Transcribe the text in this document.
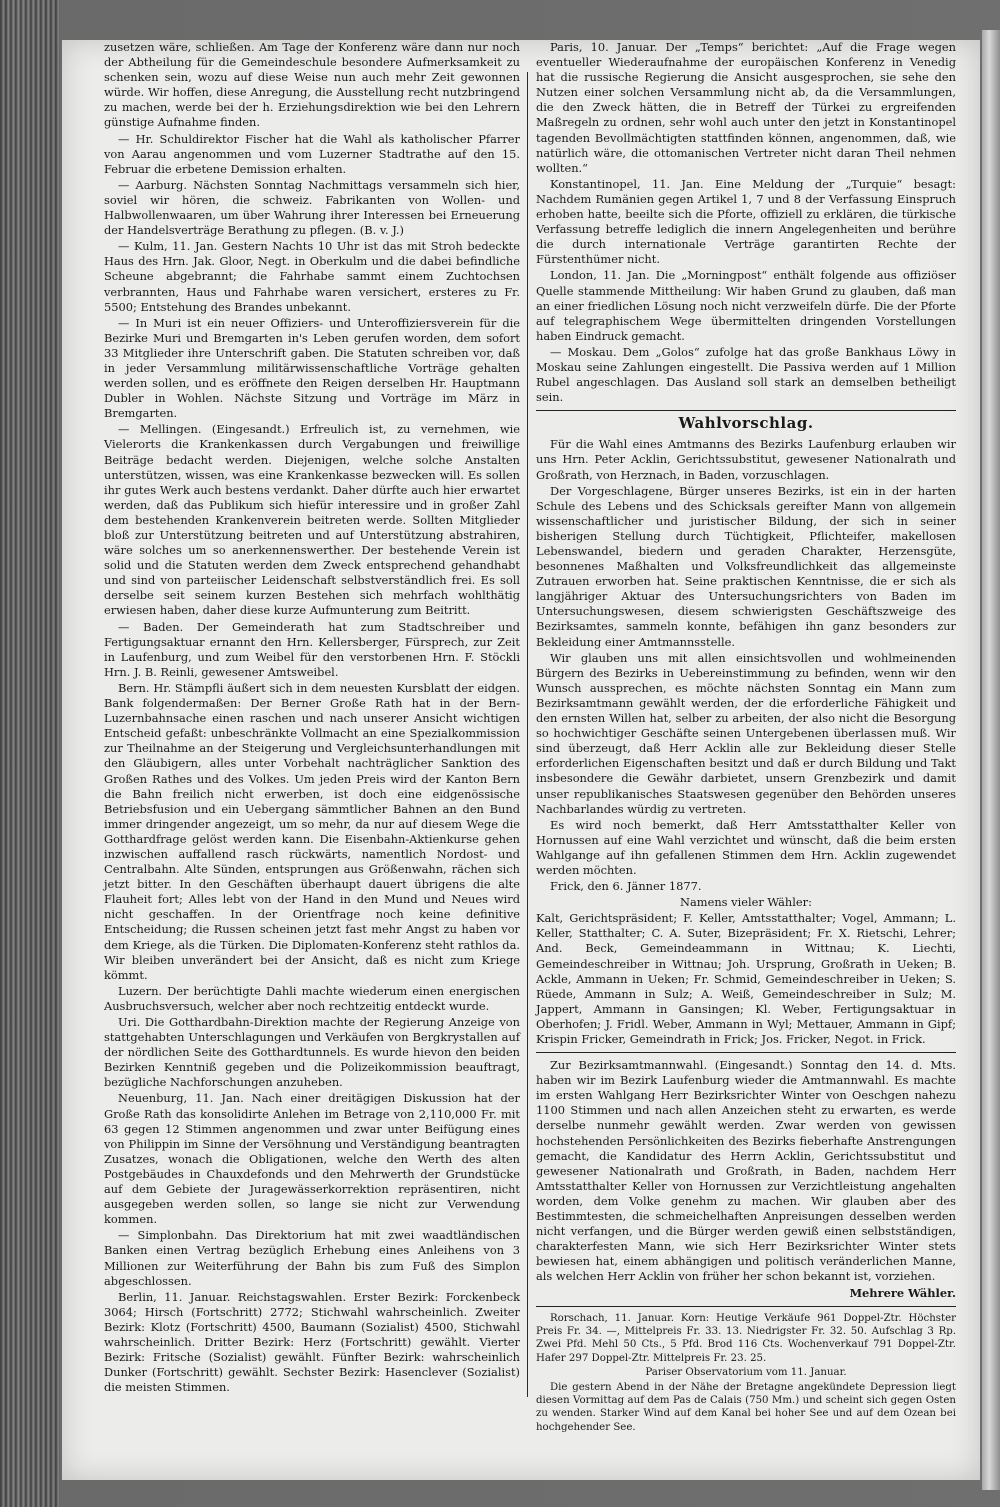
zusetzen wäre, schließen. Am Tage der Konferenz wäre dann nur noch der Abtheilung für die Gemeindeschule besondere Aufmerksamkeit zu schenken sein, wozu auf diese Weise nun auch mehr Zeit gewonnen würde. Wir hoffen, diese Anregung, die Ausstellung recht nutzbringend zu machen, werde bei der h. Erziehungsdirektion wie bei den Lehrern günstige Aufnahme finden.

— Hr. Schuldirektor Fischer hat die Wahl als katholischer Pfarrer von Aarau angenommen und vom Luzerner Stadtrathe auf den 15. Februar die erbetene Demission erhalten.

— Aarburg. Nächsten Sonntag Nachmittags versammeln sich hier, soviel wir hören, die schweiz. Fabrikanten von Wollen- und Halbwollenwaaren, um über Wahrung ihrer Interessen bei Erneuerung der Handelsverträge Berathung zu pflegen. (B. v. J.)

— Kulm, 11. Jan. Gestern Nachts 10 Uhr ist das mit Stroh bedeckte Haus des Hrn. Jak. Gloor, Negt. in Oberkulm und die dabei befindliche Scheune abgebrannt; die Fahrhabe sammt einem Zuchtochsen verbrannten, Haus und Fahrhabe waren versichert, ersteres zu Fr. 5500; Entstehung des Brandes unbekannt.

— In Muri ist ein neuer Offiziers- und Unteroffiziersverein für die Bezirke Muri und Bremgarten in's Leben gerufen worden, dem sofort 33 Mitglieder ihre Unterschrift gaben. Die Statuten schreiben vor, daß in jeder Versammlung militärwissenschaftliche Vorträge gehalten werden sollen, und es eröffnete den Reigen derselben Hr. Hauptmann Dubler in Wohlen. Nächste Sitzung und Vorträge im März in Bremgarten.

— Mellingen. (Eingesandt.) Erfreulich ist, zu vernehmen, wie Vielerorts die Krankenkassen durch Vergabungen und freiwillige Beiträge bedacht werden. Diejenigen, welche solche Anstalten unterstützen, wissen, was eine Krankenkasse bezwecken will. Es sollen ihr gutes Werk auch bestens verdankt. Daher dürfte auch hier erwartet werden, daß das Publikum sich hiefür interessire und in großer Zahl dem bestehenden Krankenverein beitreten werde. Sollten Mitglieder bloß zur Unterstützung beitreten und auf Unterstützung abstrahiren, wäre solches um so anerkennenswerther. Der bestehende Verein ist solid und die Statuten werden dem Zweck entsprechend gehandhabt und sind von parteiischer Leidenschaft selbstverständlich frei. Es soll derselbe seit seinem kurzen Bestehen sich mehrfach wohlthätig erwiesen haben, daher diese kurze Aufmunterung zum Beitritt.

— Baden. Der Gemeinderath hat zum Stadtschreiber und Fertigungsaktuar ernannt den Hrn. Kellersberger, Fürsprech, zur Zeit in Laufenburg, und zum Weibel für den verstorbenen Hrn. F. Stöckli Hrn. J. B. Reinli, gewesener Amtsweibel.

Bern. Hr. Stämpfli äußert sich in dem neuesten Kursblatt der eidgen. Bank folgendermaßen: Der Berner Große Rath hat in der Bern-Luzernbahnsache einen raschen und nach unserer Ansicht wichtigen Entscheid gefaßt: unbeschränkte Vollmacht an eine Spezialkommission zur Theilnahme an der Steigerung und Vergleichsunterhandlungen mit den Gläubigern, alles unter Vorbehalt nachträglicher Sanktion des Großen Rathes und des Volkes. Um jeden Preis wird der Kanton Bern die Bahn freilich nicht erwerben, ist doch eine eidgenössische Betriebsfusion und ein Uebergang sämmtlicher Bahnen an den Bund immer dringender angezeigt, um so mehr, da nur auf diesem Wege die Gotthardfrage gelöst werden kann. Die Eisenbahn-Aktienkurse gehen inzwischen auffallend rasch rückwärts, namentlich Nordost- und Centralbahn. Alte Sünden, entsprungen aus Größenwahn, rächen sich jetzt bitter. In den Geschäften überhaupt dauert übrigens die alte Flauheit fort; Alles lebt von der Hand in den Mund und Neues wird nicht geschaffen. In der Orientfrage noch keine definitive Entscheidung; die Russen scheinen jetzt fast mehr Angst zu haben vor dem Kriege, als die Türken. Die Diplomaten-Konferenz steht rathlos da. Wir bleiben unverändert bei der Ansicht, daß es nicht zum Kriege kömmt.

Luzern. Der berüchtigte Dahli machte wiederum einen energischen Ausbruchsversuch, welcher aber noch rechtzeitig entdeckt wurde.

Uri. Die Gotthardbahn-Direktion machte der Regierung Anzeige von stattgehabten Unterschlagungen und Verkäufen von Bergkrystallen auf der nördlichen Seite des Gotthardtunnels. Es wurde hievon den beiden Bezirken Kenntniß gegeben und die Polizeikommission beauftragt, bezügliche Nachforschungen anzuheben.

Neuenburg, 11. Jan. Nach einer dreitägigen Diskussion hat der Große Rath das konsolidirte Anlehen im Betrage von 2,110,000 Fr. mit 63 gegen 12 Stimmen angenommen und zwar unter Beifügung eines von Philippin im Sinne der Versöhnung und Verständigung beantragten Zusatzes, wonach die Obligationen, welche den Werth des alten Postgebäudes in Chauxdefonds und den Mehrwerth der Grundstücke auf dem Gebiete der Juragewässerkorrektion repräsentiren, nicht ausgegeben werden sollen, so lange sie nicht zur Verwendung kommen.

— Simplonbahn. Das Direktorium hat mit zwei waadtländischen Banken einen Vertrag bezüglich Erhebung eines Anleihens von 3 Millionen zur Weiterführung der Bahn bis zum Fuß des Simplon abgeschlossen.

Berlin, 11. Januar. Reichstagswahlen. Erster Bezirk: Forckenbeck 3064; Hirsch (Fortschritt) 2772; Stichwahl wahrscheinlich. Zweiter Bezirk: Klotz (Fortschritt) 4500, Baumann (Sozialist) 4500, Stichwahl wahrscheinlich. Dritter Bezirk: Herz (Fortschritt) gewählt. Vierter Bezirk: Fritsche (Sozialist) gewählt. Fünfter Bezirk: wahrscheinlich Dunker (Fortschritt) gewählt. Sechster Bezirk: Hasenclever (Sozialist) die meisten Stimmen.

Paris, 10. Januar. Der „Temps“ berichtet: „Auf die Frage wegen eventueller Wiederaufnahme der europäischen Konferenz in Venedig hat die russische Regierung die Ansicht ausgesprochen, sie sehe den Nutzen einer solchen Versammlung nicht ab, da die Versammlungen, die den Zweck hätten, die in Betreff der Türkei zu ergreifenden Maßregeln zu ordnen, sehr wohl auch unter den jetzt in Konstantinopel tagenden Bevollmächtigten stattfinden können, angenommen, daß, wie natürlich wäre, die ottomanischen Vertreter nicht daran Theil nehmen wollten.“

Konstantinopel, 11. Jan. Eine Meldung der „Turquie“ besagt: Nachdem Rumänien gegen Artikel 1, 7 und 8 der Verfassung Einspruch erhoben hatte, beeilte sich die Pforte, offiziell zu erklären, die türkische Verfassung betreffe lediglich die innern Angelegenheiten und berühre die durch internationale Verträge garantirten Rechte der Fürstenthümer nicht.

London, 11. Jan. Die „Morningpost“ enthält folgende aus offiziöser Quelle stammende Mittheilung: Wir haben Grund zu glauben, daß man an einer friedlichen Lösung noch nicht verzweifeln dürfe. Die der Pforte auf telegraphischem Wege übermittelten dringenden Vorstellungen haben Eindruck gemacht.

— Moskau. Dem „Golos“ zufolge hat das große Bankhaus Löwy in Moskau seine Zahlungen eingestellt. Die Passiva werden auf 1 Million Rubel angeschlagen. Das Ausland soll stark an demselben betheiligt sein.

Wahlvorschlag.

Für die Wahl eines Amtmanns des Bezirks Laufenburg erlauben wir uns Hrn. Peter Acklin, Gerichtssubstitut, gewesener Nationalrath und Großrath, von Herznach, in Baden, vorzuschlagen.

Der Vorgeschlagene, Bürger unseres Bezirks, ist ein in der harten Schule des Lebens und des Schicksals gereifter Mann von allgemein wissenschaftlicher und juristischer Bildung, der sich in seiner bisherigen Stellung durch Tüchtigkeit, Pflichteifer, makellosen Lebenswandel, biedern und geraden Charakter, Herzensgüte, besonnenes Maßhalten und Volksfreundlichkeit das allgemeinste Zutrauen erworben hat. Seine praktischen Kenntnisse, die er sich als langjähriger Aktuar des Untersuchungsrichters von Baden im Untersuchungswesen, diesem schwierigsten Geschäftszweige des Bezirksamtes, sammeln konnte, befähigen ihn ganz besonders zur Bekleidung einer Amtmannsstelle.

Wir glauben uns mit allen einsichtsvollen und wohlmeinenden Bürgern des Bezirks in Uebereinstimmung zu befinden, wenn wir den Wunsch aussprechen, es möchte nächsten Sonntag ein Mann zum Bezirksamtmann gewählt werden, der die erforderliche Fähigkeit und den ernsten Willen hat, selber zu arbeiten, der also nicht die Besorgung so hochwichtiger Geschäfte seinen Untergebenen überlassen muß. Wir sind überzeugt, daß Herr Acklin alle zur Bekleidung dieser Stelle erforderlichen Eigenschaften besitzt und daß er durch Bildung und Takt insbesondere die Gewähr darbietet, unsern Grenzbezirk und damit unser republikanisches Staatswesen gegenüber den Behörden unseres Nachbarlandes würdig zu vertreten.

Es wird noch bemerkt, daß Herr Amtsstatthalter Keller von Hornussen auf eine Wahl verzichtet und wünscht, daß die beim ersten Wahlgange auf ihn gefallenen Stimmen dem Hrn. Acklin zugewendet werden möchten.

Frick, den 6. Jänner 1877.

Namens vieler Wähler:

Kalt, Gerichtspräsident; F. Keller, Amtsstatthalter; Vogel, Ammann; L. Keller, Statthalter; C. A. Suter, Bizepräsident; Fr. X. Rietschi, Lehrer; And. Beck, Gemeindeammann in Wittnau; K. Liechti, Gemeindeschreiber in Wittnau; Joh. Ursprung, Großrath in Ueken; B. Ackle, Ammann in Ueken; Fr. Schmid, Gemeindeschreiber in Ueken; S. Rüede, Ammann in Sulz; A. Weiß, Gemeindeschreiber in Sulz; M. Jappert, Ammann in Gansingen; Kl. Weber, Fertigungsaktuar in Oberhofen; J. Fridl. Weber, Ammann in Wyl; Mettauer, Ammann in Gipf; Krispin Fricker, Gemeindrath in Frick; Jos. Fricker, Negot. in Frick.

Zur Bezirksamtmannwahl. (Eingesandt.) Sonntag den 14. d. Mts. haben wir im Bezirk Laufenburg wieder die Amtmannwahl. Es machte im ersten Wahlgang Herr Bezirksrichter Winter von Oeschgen nahezu 1100 Stimmen und nach allen Anzeichen steht zu erwarten, es werde derselbe nunmehr gewählt werden. Zwar werden von gewissen hochstehenden Persönlichkeiten des Bezirks fieberhafte Anstrengungen gemacht, die Kandidatur des Herrn Acklin, Gerichtssubstitut und gewesener Nationalrath und Großrath, in Baden, nachdem Herr Amtsstatthalter Keller von Hornussen zur Verzichtleistung angehalten worden, dem Volke genehm zu machen. Wir glauben aber des Bestimmtesten, die schmeichelhaften Anpreisungen desselben werden nicht verfangen, und die Bürger werden gewiß einen selbstständigen, charakterfesten Mann, wie sich Herr Bezirksrichter Winter stets bewiesen hat, einem abhängigen und politisch veränderlichen Manne, als welchen Herr Acklin von früher her schon bekannt ist, vorziehen.

Mehrere Wähler.

Rorschach, 11. Januar. Korn: Heutige Verkäufe 961 Doppel-Ztr. Höchster Preis Fr. 34. —, Mittelpreis Fr. 33. 13. Niedrigster Fr. 32. 50. Aufschlag 3 Rp. Zwei Pfd. Mehl 50 Cts., 5 Pfd. Brod 116 Cts. Wochenverkauf 791 Doppel-Ztr. Hafer 297 Doppel-Ztr. Mittelpreis Fr. 23. 25.

Pariser Observatorium vom 11. Januar.

Die gestern Abend in der Nähe der Bretagne angekündete Depression liegt diesen Vormittag auf dem Pas de Calais (750 Mm.) und scheint sich gegen Osten zu wenden. Starker Wind auf dem Kanal bei hoher See und auf dem Ozean bei hochgehender See.
